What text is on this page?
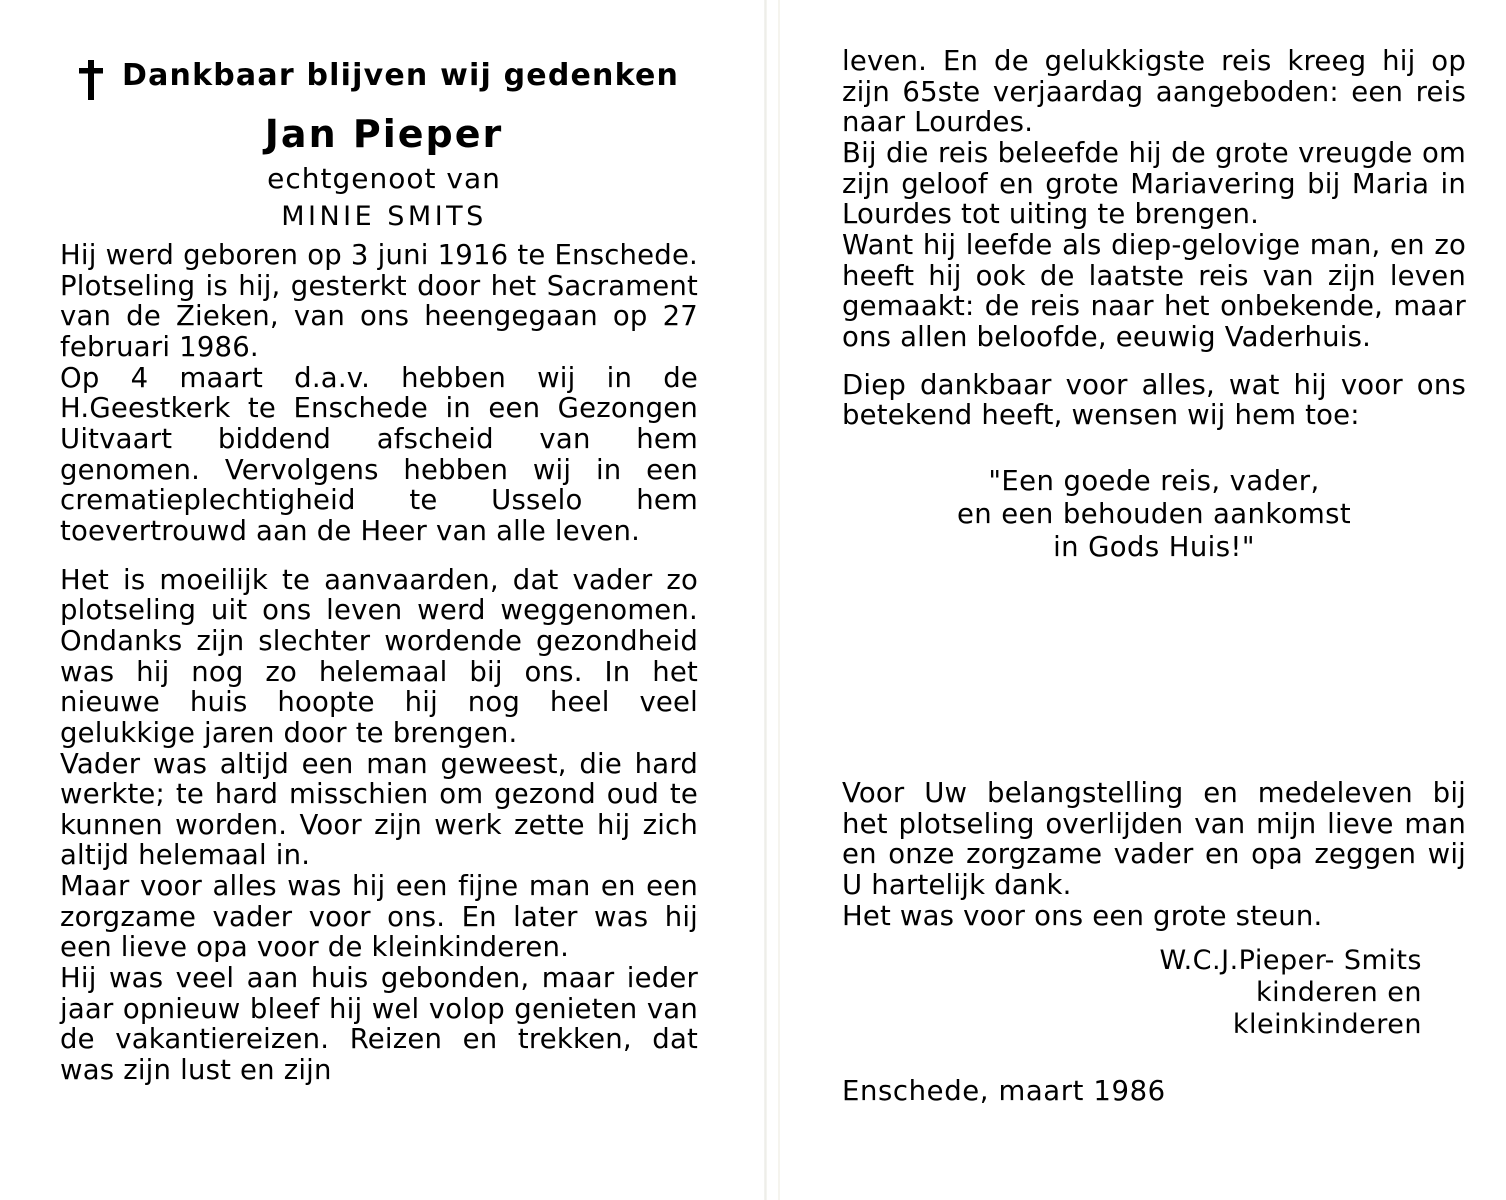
Dankbaar blijven wij gedenken
Jan Pieper
echtgenoot van
MINIE SMITS

Hij werd geboren op 3 juni 1916 te Enschede. Plotseling is hij, gesterkt door het Sacrament van de Zieken, van ons heengegaan op 27 februari 1986.

Op 4 maart d.a.v. hebben wij in de H.Geestkerk te Enschede in een Gezongen Uitvaart biddend afscheid van hem genomen. Vervolgens hebben wij in een crematieplechtigheid te Usselo hem toevertrouwd aan de Heer van alle leven.

Het is moeilijk te aanvaarden, dat vader zo plotseling uit ons leven werd weggenomen. Ondanks zijn slechter wordende gezondheid was hij nog zo helemaal bij ons. In het nieuwe huis hoopte hij nog heel veel gelukkige jaren door te brengen.

Vader was altijd een man geweest, die hard werkte; te hard misschien om gezond oud te kunnen worden. Voor zijn werk zette hij zich altijd helemaal in.

Maar voor alles was hij een fijne man en een zorgzame vader voor ons. En later was hij een lieve opa voor de kleinkinderen.

Hij was veel aan huis gebonden, maar ieder jaar opnieuw bleef hij wel volop genieten van de vakantiereizen. Reizen en trekken, dat was zijn lust en zijn

leven. En de gelukkigste reis kreeg hij op zijn 65ste verjaardag aangeboden: een reis naar Lourdes.

Bij die reis beleefde hij de grote vreugde om zijn geloof en grote Mariavering bij Maria in Lourdes tot uiting te brengen.

Want hij leefde als diep-gelovige man, en zo heeft hij ook de laatste reis van zijn leven gemaakt: de reis naar het onbekende, maar ons allen beloofde, eeuwig Vaderhuis.

Diep dankbaar voor alles, wat hij voor ons betekend heeft, wensen wij hem toe:

"Een goede reis, vader,
en een behouden aankomst
in Gods Huis!"

Voor Uw belangstelling en medeleven bij het plotseling overlijden van mijn lieve man en onze zorgzame vader en opa zeggen wij U hartelijk dank.

Het was voor ons een grote steun.

W.C.J.Pieper- Smits
kinderen en
kleinkinderen
Enschede, maart 1986
